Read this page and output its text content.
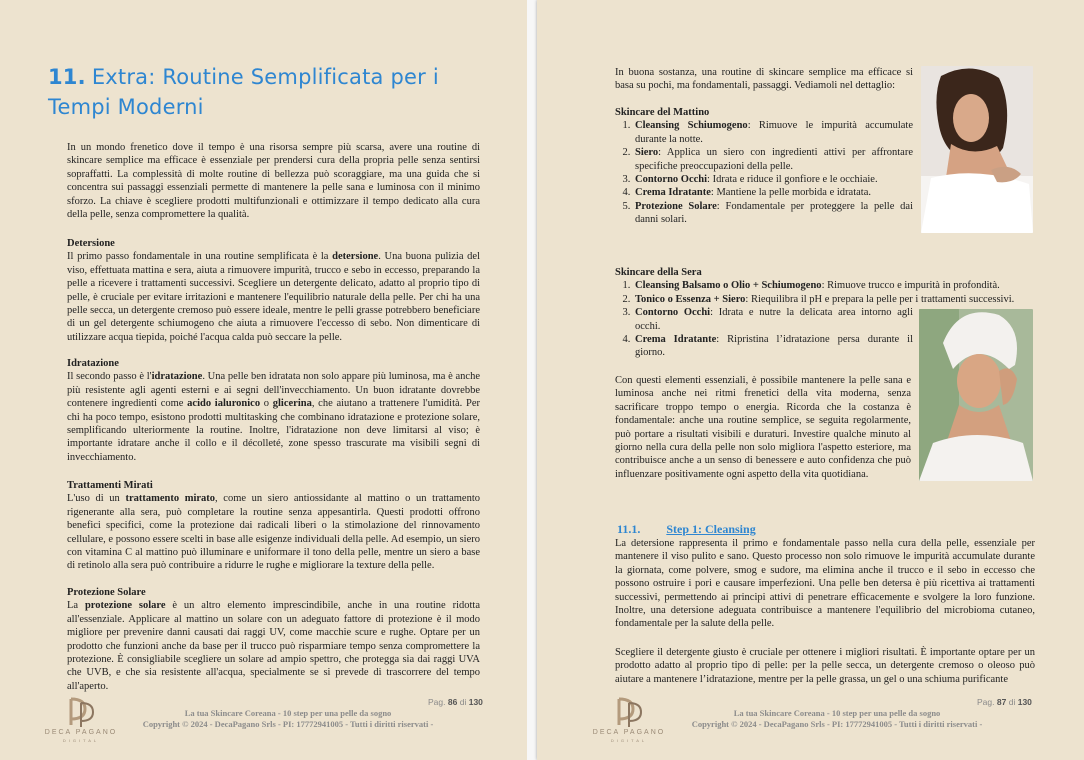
11. Extra: Routine Semplificata per i Tempi Moderni
In un mondo frenetico dove il tempo è una risorsa sempre più scarsa, avere una routine di skincare semplice ma efficace è essenziale per prendersi cura della propria pelle senza sentirsi sopraffatti. La complessità di molte routine di bellezza può scoraggiare, ma una guida che si concentra sui passaggi essenziali permette di mantenere la pelle sana e luminosa con il minimo sforzo. La chiave è scegliere prodotti multifunzionali e ottimizzare il tempo dedicato alla cura della pelle, senza compromettere la qualità.
Detersione
Il primo passo fondamentale in una routine semplificata è la detersione. Una buona pulizia del viso, effettuata mattina e sera, aiuta a rimuovere impurità, trucco e sebo in eccesso, preparando la pelle a ricevere i trattamenti successivi. Scegliere un detergente delicato, adatto al proprio tipo di pelle, è cruciale per evitare irritazioni e mantenere l'equilibrio naturale della pelle. Per chi ha una pelle secca, un detergente cremoso può essere ideale, mentre le pelli grasse potrebbero beneficiare di un gel detergente schiumogeno che aiuta a rimuovere l'eccesso di sebo. Non dimenticare di utilizzare acqua tiepida, poiché l'acqua calda può seccare la pelle.
Idratazione
Il secondo passo è l'idratazione. Una pelle ben idratata non solo appare più luminosa, ma è anche più resistente agli agenti esterni e ai segni dell'invecchiamento. Un buon idratante dovrebbe contenere ingredienti come acido ialuronico o glicerina, che aiutano a trattenere l'umidità. Per chi ha poco tempo, esistono prodotti multitasking che combinano idratazione e protezione solare, semplificando ulteriormente la routine. Inoltre, l'idratazione non deve limitarsi al viso; è importante idratare anche il collo e il décolleté, zone spesso trascurate ma visibili segni di invecchiamento.
Trattamenti Mirati
L'uso di un trattamento mirato, come un siero antiossidante al mattino o un trattamento rigenerante alla sera, può completare la routine senza appesantirla. Questi prodotti offrono benefici specifici, come la protezione dai radicali liberi o la stimolazione del rinnovamento cellulare, e possono essere scelti in base alle esigenze individuali della pelle. Ad esempio, un siero con vitamina C al mattino può illuminare e uniformare il tono della pelle, mentre un siero a base di retinolo alla sera può contribuire a ridurre le rughe e migliorare la texture della pelle.
Protezione Solare
La protezione solare è un altro elemento imprescindibile, anche in una routine ridotta all'essenziale. Applicare al mattino un solare con un adeguato fattore di protezione è il modo migliore per prevenire danni causati dai raggi UV, come macchie scure e rughe. Optare per un prodotto che funzioni anche da base per il trucco può risparmiare tempo senza compromettere la protezione. È consigliabile scegliere un solare ad ampio spettro, che protegga sia dai raggi UVA che UVB, e che sia resistente all'acqua, specialmente se si prevede di trascorrere del tempo all'aperto.
Pag. 86 di 130
DECA PAGANO
DIGITAL
La tua Skincare Coreana - 10 step per una pelle da sogno
Copyright © 2024 - DecaPagano Srls - PI: 17772941005 - Tutti i diritti riservati -
In buona sostanza, una routine di skincare semplice ma efficace si basa su pochi, ma fondamentali, passaggi. Vediamoli nel dettaglio:
Skincare del Mattino
1. Cleansing Schiumogeno: Rimuove le impurità accumulate durante la notte.
2. Siero: Applica un siero con ingredienti attivi per affrontare specifiche preoccupazioni della pelle.
3. Contorno Occhi: Idrata e riduce il gonfiore e le occhiaie.
4. Crema Idratante: Mantiene la pelle morbida e idratata.
5. Protezione Solare: Fondamentale per proteggere la pelle dai danni solari.
Skincare della Sera
1. Cleansing Balsamo o Olio + Schiumogeno: Rimuove trucco e impurità in profondità.
2. Tonico o Essenza + Siero: Riequilibra il pH e prepara la pelle per i trattamenti successivi.
3. Contorno Occhi: Idrata e nutre la delicata area intorno agli occhi.
4. Crema Idratante: Ripristina l’idratazione persa durante il giorno.
Con questi elementi essenziali, è possibile mantenere la pelle sana e luminosa anche nei ritmi frenetici della vita moderna, senza sacrificare troppo tempo o energia. Ricorda che la costanza è fondamentale: anche una routine semplice, se seguita regolarmente, può portare a risultati visibili e duraturi. Investire qualche minuto al giorno nella cura della pelle non solo migliora l'aspetto esteriore, ma contribuisce anche a un senso di benessere e auto confidenza che può influenzare positivamente ogni aspetto della vita quotidiana.
11.1. Step 1: Cleansing
La detersione rappresenta il primo e fondamentale passo nella cura della pelle, essenziale per mantenere il viso pulito e sano. Questo processo non solo rimuove le impurità accumulate durante la giornata, come polvere, smog e sudore, ma elimina anche il trucco e il sebo in eccesso che possono ostruire i pori e causare imperfezioni. Una pelle ben detersa è più ricettiva ai trattamenti successivi, permettendo ai principi attivi di penetrare efficacemente e svolgere la loro funzione. Inoltre, una detersione adeguata contribuisce a mantenere l'equilibrio del microbioma cutaneo, fondamentale per la salute della pelle.
Scegliere il detergente giusto è cruciale per ottenere i migliori risultati. È importante optare per un prodotto adatto al proprio tipo di pelle: per la pelle secca, un detergente cremoso o oleoso può aiutare a mantenere l’idratazione, mentre per la pelle grassa, un gel o una schiuma purificante
Pag. 87 di 130
DECA PAGANO
DIGITAL
La tua Skincare Coreana - 10 step per una pelle da sogno
Copyright © 2024 - DecaPagano Srls - PI: 17772941005 - Tutti i diritti riservati -
